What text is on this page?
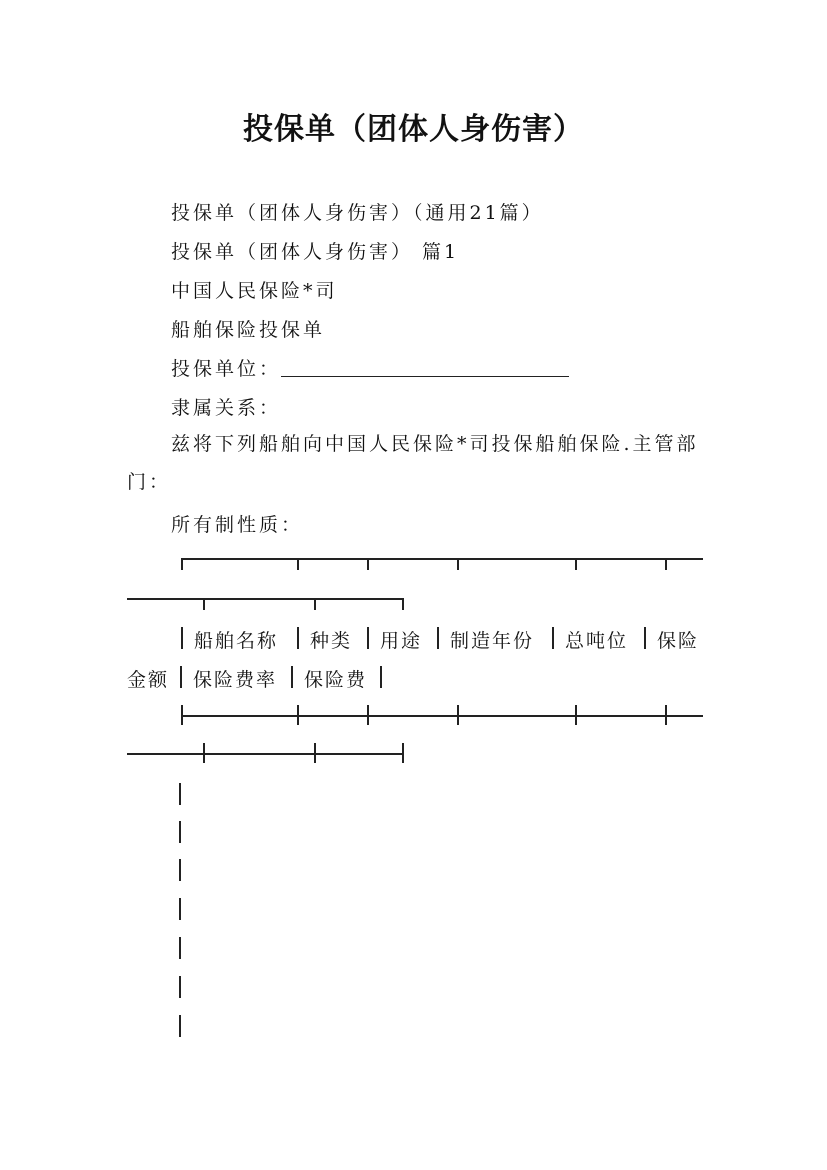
投保单（团体人身伤害）
投保单（团体人身伤害）（通用21篇）
投保单（团体人身伤害） 篇1
中国人民保险*司
船舶保险投保单
投保单位：
隶属关系：
兹将下列船舶向中国人民保险*司投保船舶保险.主管部门：
所有制性质：
船舶名称 种类 用途 制造年份 总吨位 保险
金额 保险费率 保险费
